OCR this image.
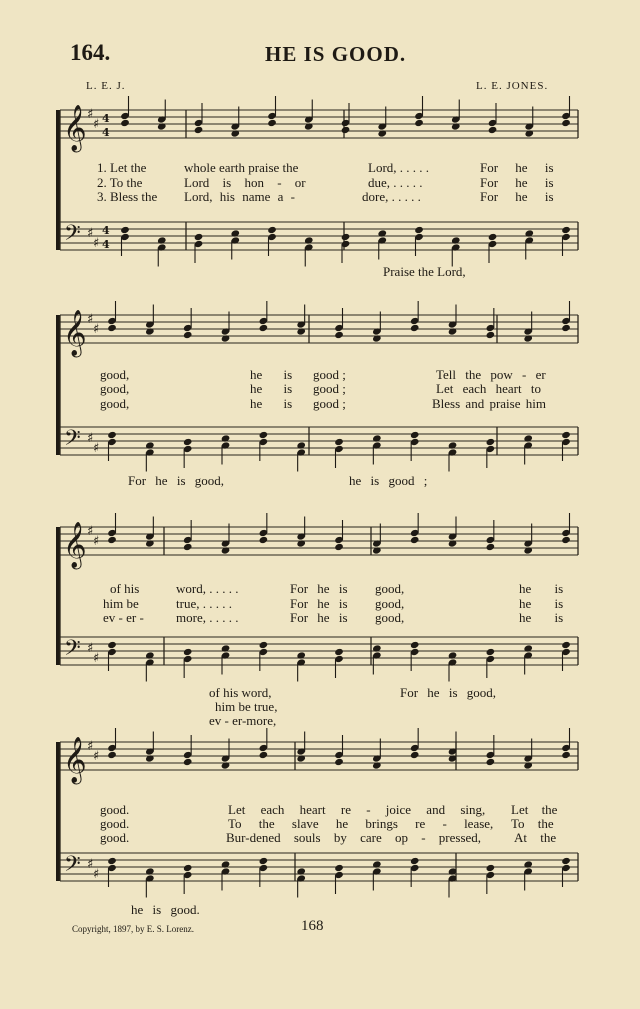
164.	HE IS GOOD.
L. E. J.	L. E. JONES.
𝄞
𝄢
♯
♯
♯
♯
4
4
4
4
𝄞
𝄢
♯
♯
♯
♯
𝄞
𝄢
♯
♯
♯
♯
𝄞
𝄢
♯
♯
♯
♯
1. Let the	whole earth praise the	Lord, . . . . .	For he is
2. To the	Lord is hon - or	due, . . . . .	For he is
3. Bless the Lord, his name a -	dore, . . . . .	For he is
Praise the Lord,
good,	he is good ;	Tell the pow - er
good,	he is good ;	Let each heart to
good,	he is good ;	Bless and praise him
For he is good,	he is good ;
of his	word, . . . . .	For he is good,	he is
him be	true, . . . . .	For he is good,	he is
ev - er - more, . . . . .	For he is good,	he is
of his word,
him be true,
ev - er-more,
For he is good,
good.	Let each heart re - joice and sing, Let the
good.	To the slave he brings re - lease, To the
good.	Bur-dened souls by care op - pressed,	At the
he is good.
Copyright, 1897, by E. S. Lorenz.	168
